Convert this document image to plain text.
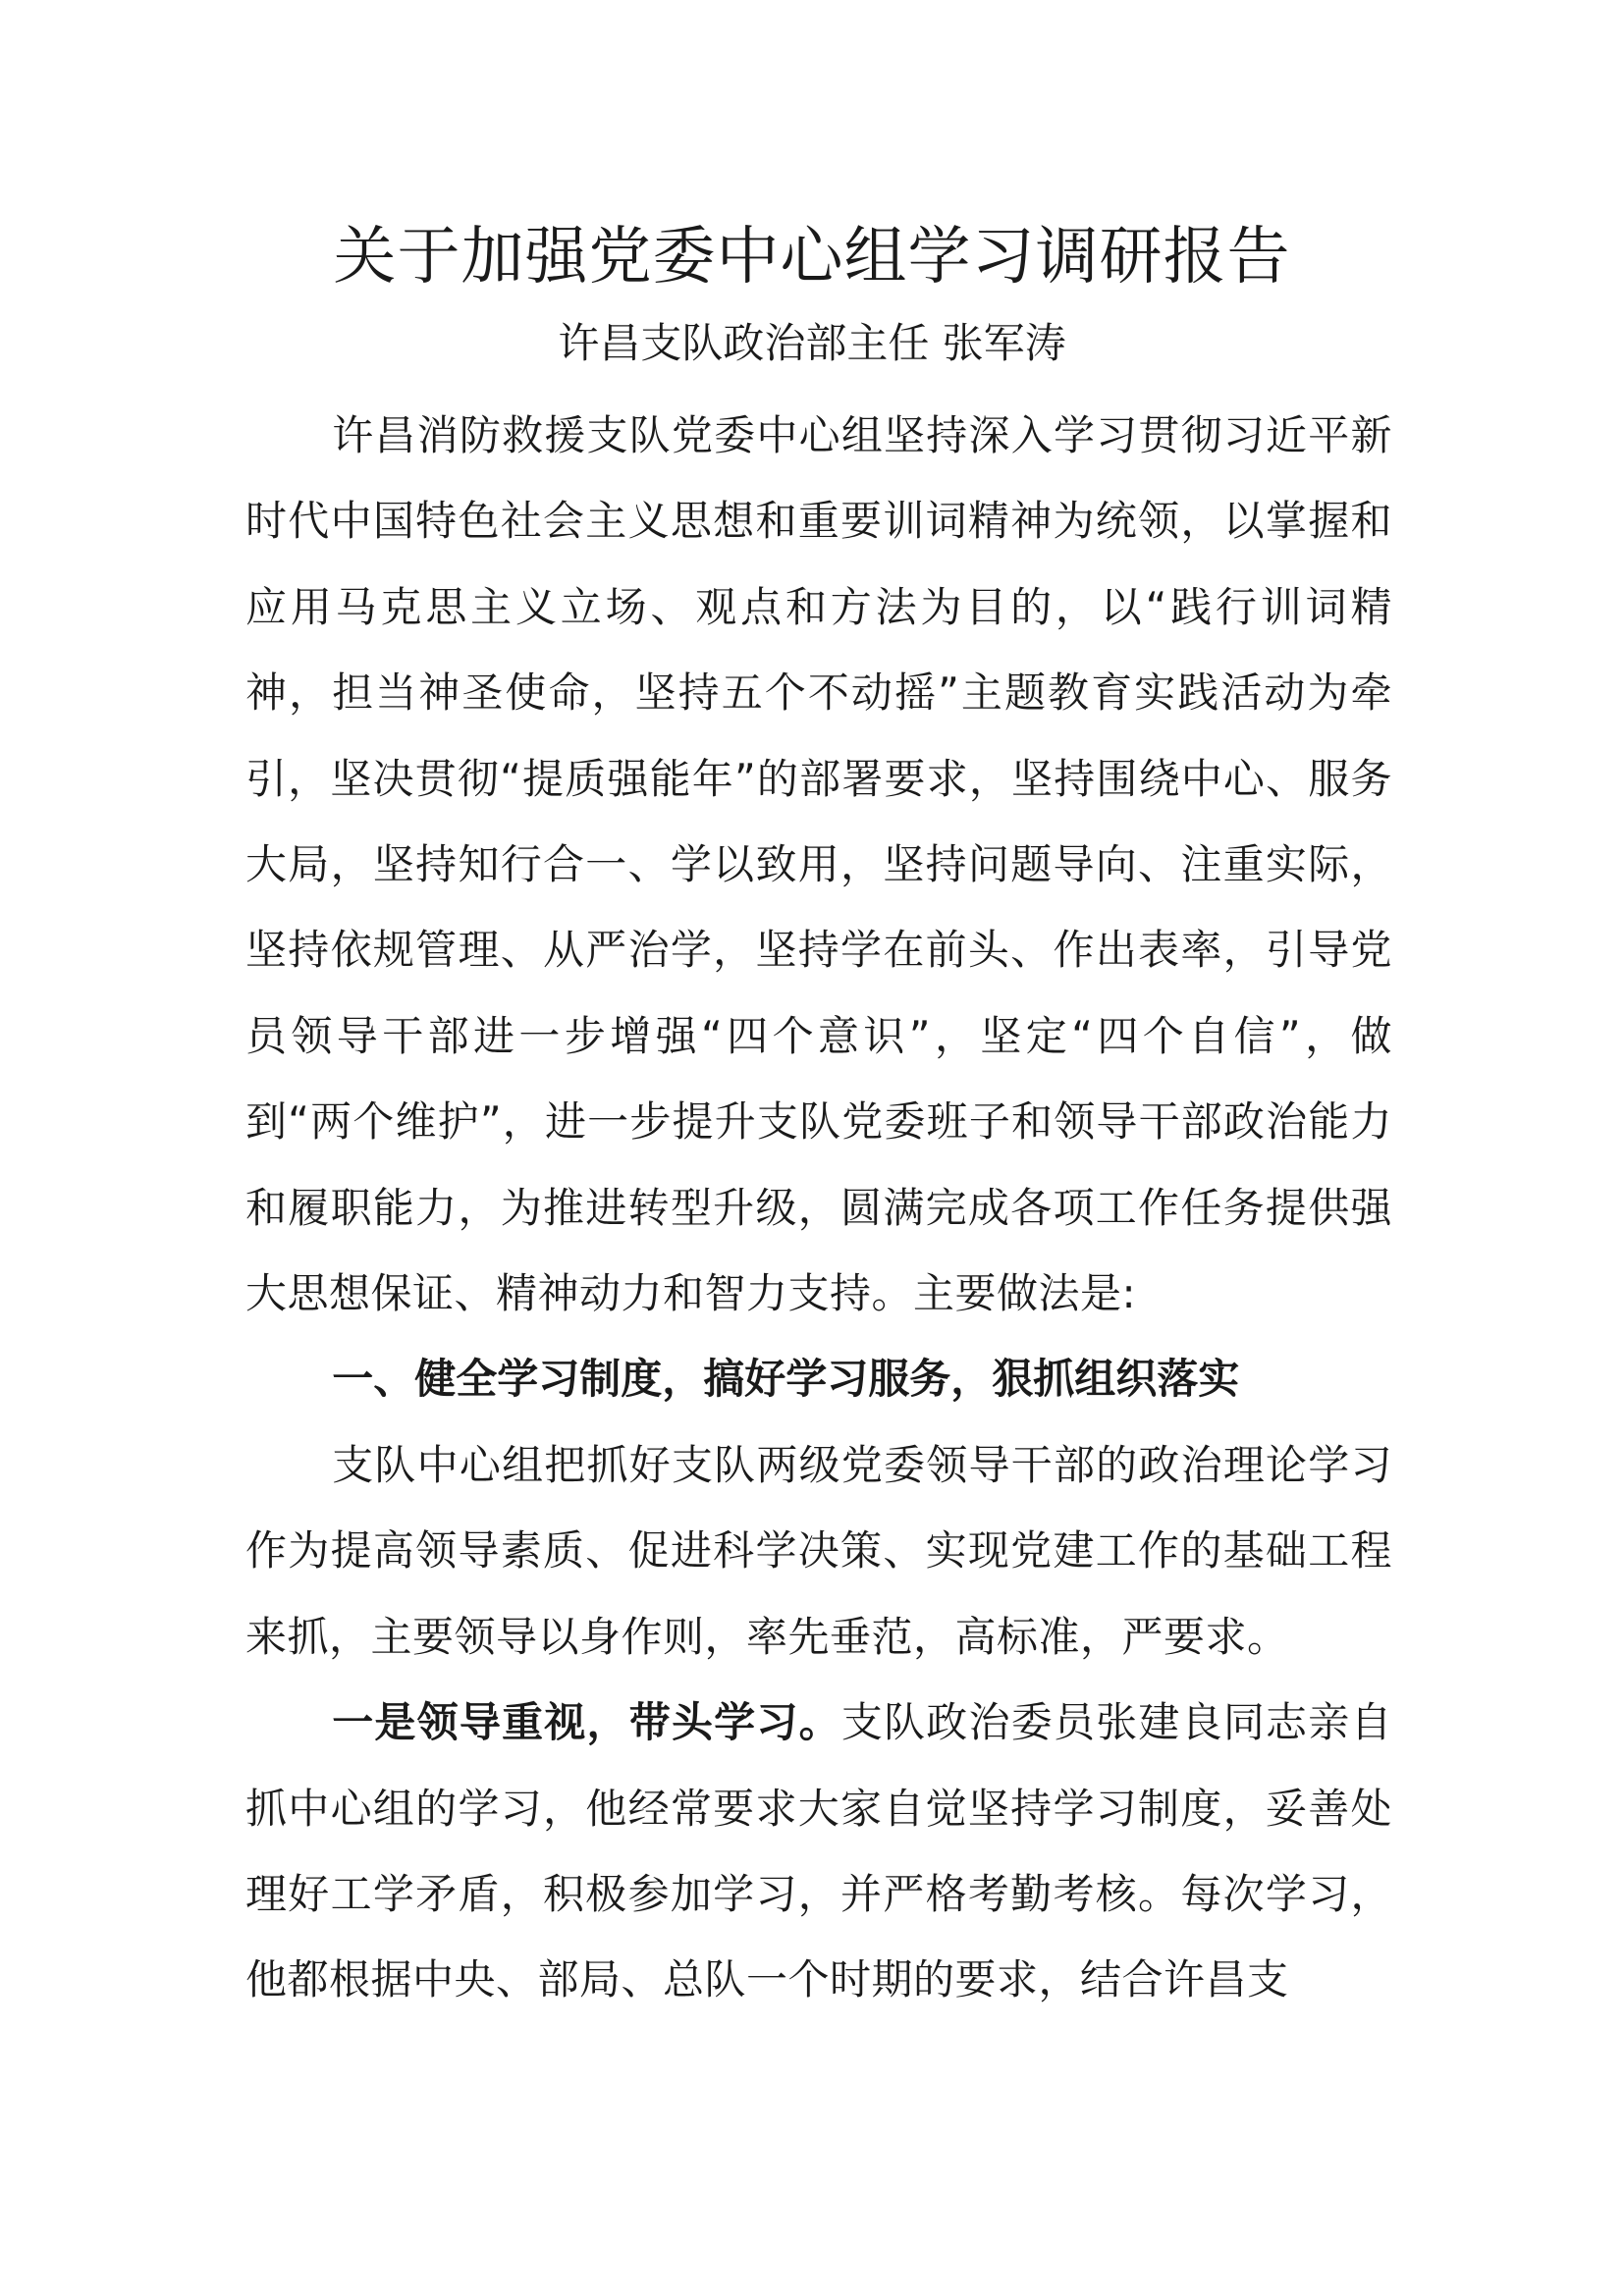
关于加强党委中心组学习调研报告

许昌支队政治部主任 张军涛

许昌消防救援支队党委中心组坚持深入学习贯彻习近平新时代中国特色社会主义思想和重要训词精神为统领，以掌握和应用马克思主义立场、观点和方法为目的，以“践行训词精神，担当神圣使命，坚持五个不动摇”主题教育实践活动为牵引，坚决贯彻“提质强能年”的部署要求，坚持围绕中心、服务大局，坚持知行合一、学以致用，坚持问题导向、注重实际，坚持依规管理、从严治学，坚持学在前头、作出表率，引导党员领导干部进一步增强“四个意识”，坚定“四个自信”，做到“两个维护”，进一步提升支队党委班子和领导干部政治能力和履职能力，为推进转型升级，圆满完成各项工作任务提供强大思想保证、精神动力和智力支持。主要做法是:

一、健全学习制度，搞好学习服务，狠抓组织落实

支队中心组把抓好支队两级党委领导干部的政治理论学习作为提高领导素质、促进科学决策、实现党建工作的基础工程来抓，主要领导以身作则，率先垂范，高标准，严要求。

一是领导重视，带头学习。支队政治委员张建良同志亲自抓中心组的学习，他经常要求大家自觉坚持学习制度，妥善处理好工学矛盾，积极参加学习，并严格考勤考核。每次学习，他都根据中央、部局、总队一个时期的要求，结合许昌支
